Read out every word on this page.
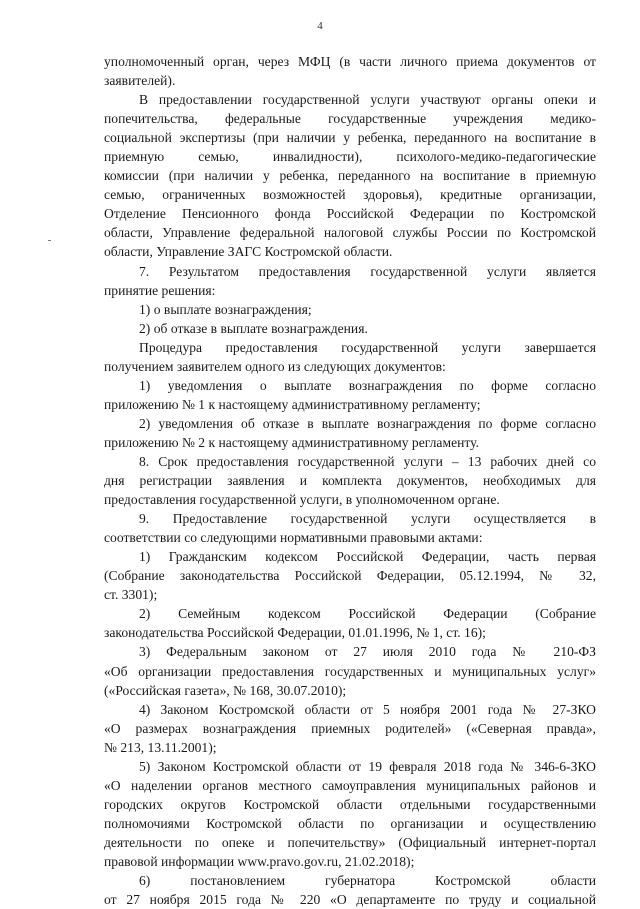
4
уполномоченный орган, через МФЦ (в части личного приема документов от
заявителей).
В предоставлении государственной услуги участвуют органы опеки и
попечительства, федеральные государственные учреждения медико-
социальной экспертизы (при наличии у ребенка, переданного на воспитание в
приемную семью, инвалидности), психолого-медико-педагогические
комиссии (при наличии у ребенка, переданного на воспитание в приемную
семью, ограниченных возможностей здоровья), кредитные организации,
Отделение Пенсионного фонда Российской Федерации по Костромской
области, Управление федеральной налоговой службы России по Костромской
области, Управление ЗАГС Костромской области.
7. Результатом предоставления государственной услуги является
принятие решения:
1) о выплате вознаграждения;
2) об отказе в выплате вознаграждения.
Процедура предоставления государственной услуги завершается
получением заявителем одного из следующих документов:
1) уведомления о выплате вознаграждения по форме согласно
приложению № 1 к настоящему административному регламенту;
2) уведомления об отказе в выплате вознаграждения по форме согласно
приложению № 2 к настоящему административному регламенту.
8. Срок предоставления государственной услуги – 13 рабочих дней со
дня регистрации заявления и комплекта документов, необходимых для
предоставления государственной услуги, в уполномоченном органе.
9. Предоставление государственной услуги осуществляется в
соответствии со следующими нормативными правовыми актами:
1) Гражданским кодексом Российской Федерации, часть первая
(Собрание законодательства Российской Федерации, 05.12.1994, № 32,
ст. 3301);
2) Семейным кодексом Российской Федерации (Собрание
законодательства Российской Федерации, 01.01.1996, № 1, ст. 16);
3) Федеральным законом от 27 июля 2010 года № 210-ФЗ
«Об организации предоставления государственных и муниципальных услуг»
(«Российская газета», № 168, 30.07.2010);
4) Законом Костромской области от 5 ноября 2001 года № 27-ЗКО
«О размерах вознаграждения приемных родителей» («Северная правда»,
№ 213, 13.11.2001);
5) Законом Костромской области от 19 февраля 2018 года № 346-6-ЗКО
«О наделении органов местного самоуправления муниципальных районов и
городских округов Костромской области отдельными государственными
полномочиями Костромской области по организации и осуществлению
деятельности по опеке и попечительству» (Официальный интернет-портал
правовой информации www.pravo.gov.ru, 21.02.2018);
6) постановлением губернатора Костромской области
от 27 ноября 2015 года № 220 «О департаменте по труду и социальной
